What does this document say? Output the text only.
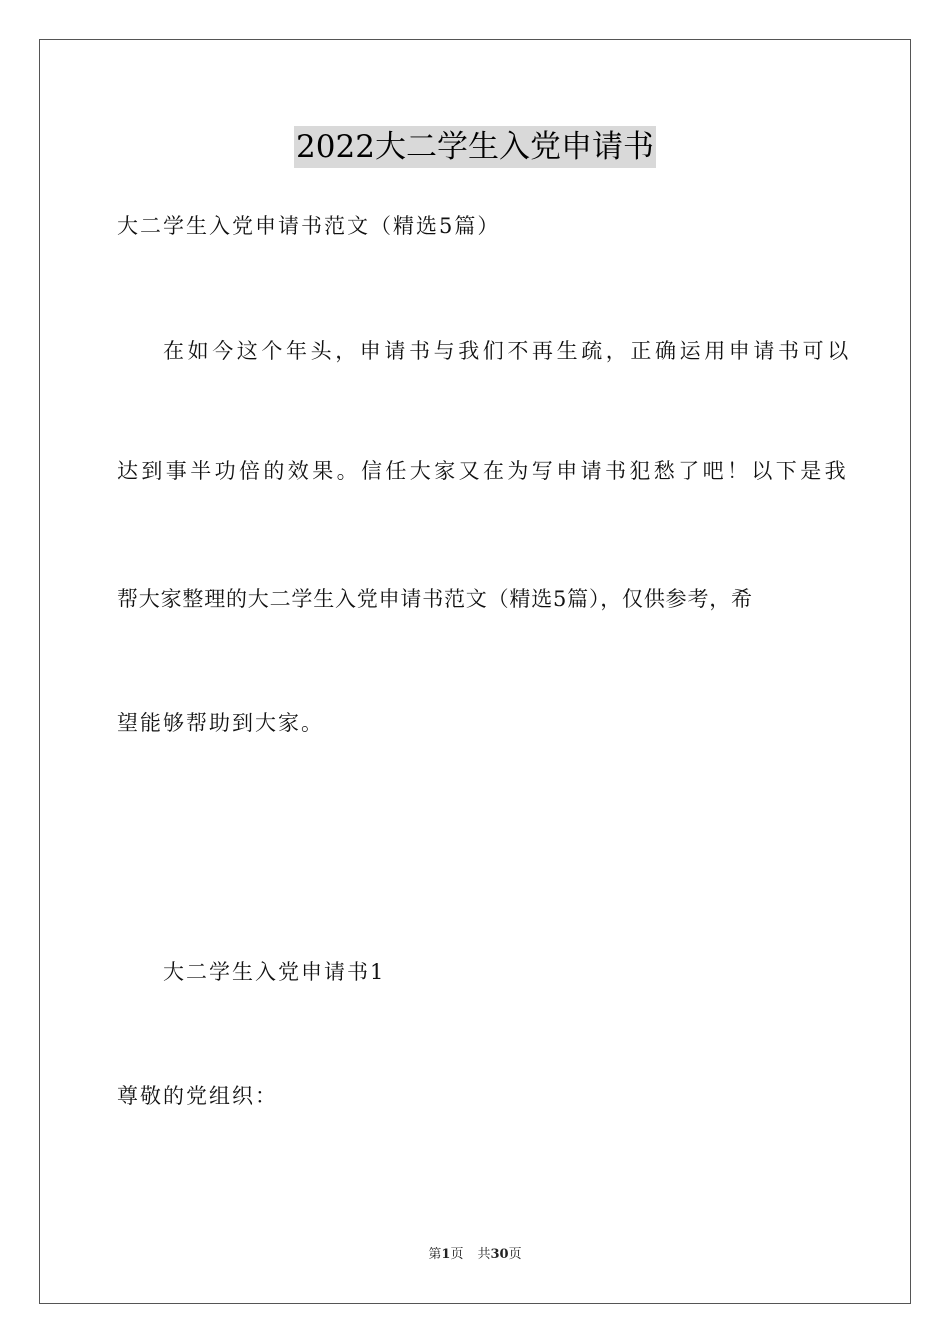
2022大二学生入党申请书
大二学生入党申请书范文（精选5篇）
在如今这个年头，申请书与我们不再生疏，正确运用申请书可以
达到事半功倍的效果。信任大家又在为写申请书犯愁了吧！以下是我
帮大家整理的大二学生入党申请书范文（精选5篇），仅供参考，希
望能够帮助到大家。
大二学生入党申请书1
尊敬的党组织：
第1页 共30页
